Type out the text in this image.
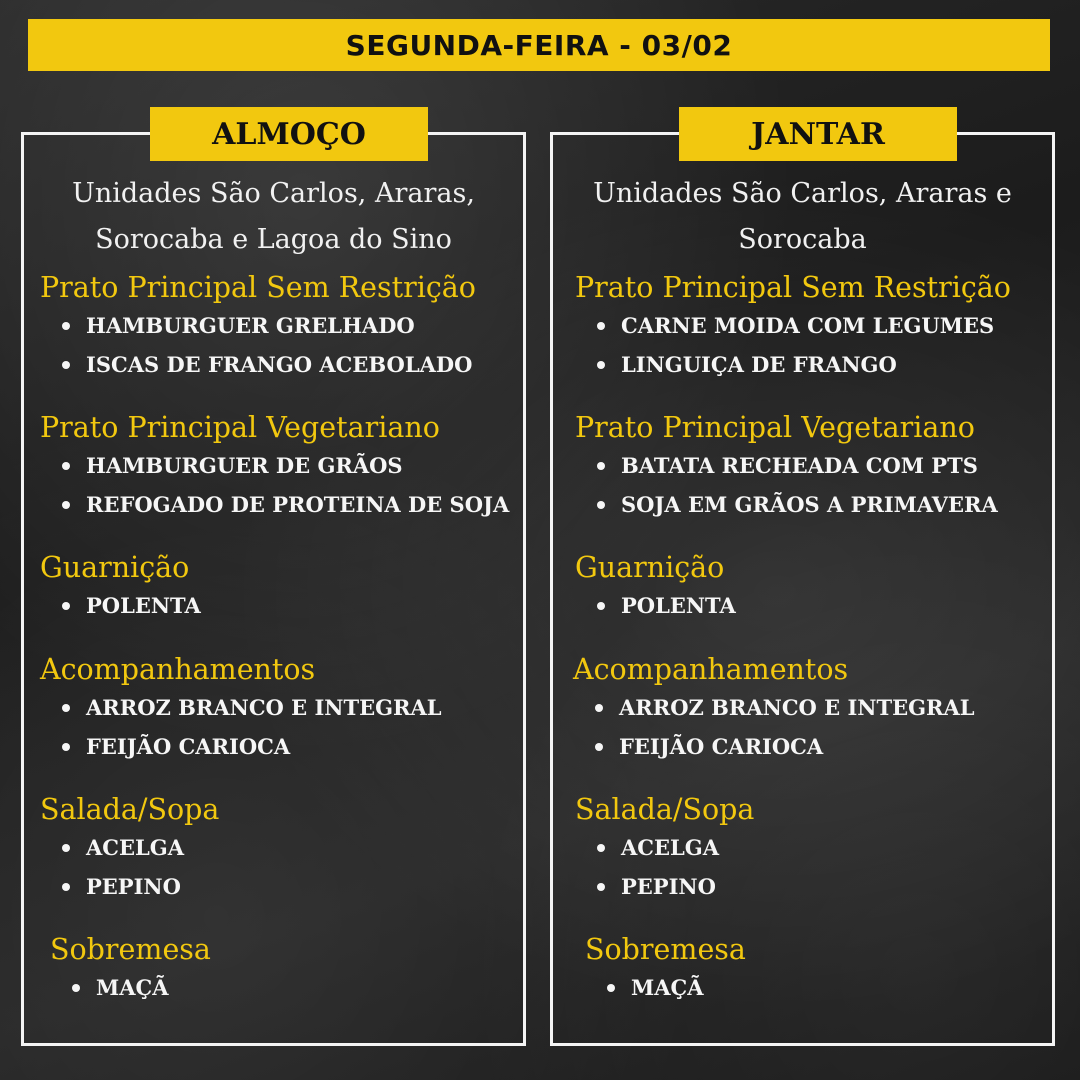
SEGUNDA-FEIRA - 03/02
ALMOÇO
Unidades São Carlos, Araras,
Sorocaba e Lagoa do Sino
Prato Principal Sem Restrição
HAMBURGUER GRELHADO
ISCAS DE FRANGO ACEBOLADO
Prato Principal Vegetariano
HAMBURGUER DE GRÃOS
REFOGADO DE PROTEINA DE SOJA
Guarnição
POLENTA
Acompanhamentos
ARROZ BRANCO E INTEGRAL
FEIJÃO CARIOCA
Salada/Sopa
ACELGA
PEPINO
Sobremesa
MAÇÃ
JANTAR
Unidades São Carlos, Araras e
Sorocaba
Prato Principal Sem Restrição
CARNE MOIDA COM LEGUMES
LINGUIÇA DE FRANGO
Prato Principal Vegetariano
BATATA RECHEADA COM PTS
SOJA EM GRÃOS A PRIMAVERA
Guarnição
POLENTA
Acompanhamentos
ARROZ BRANCO E INTEGRAL
FEIJÃO CARIOCA
Salada/Sopa
ACELGA
PEPINO
Sobremesa
MAÇÃ
